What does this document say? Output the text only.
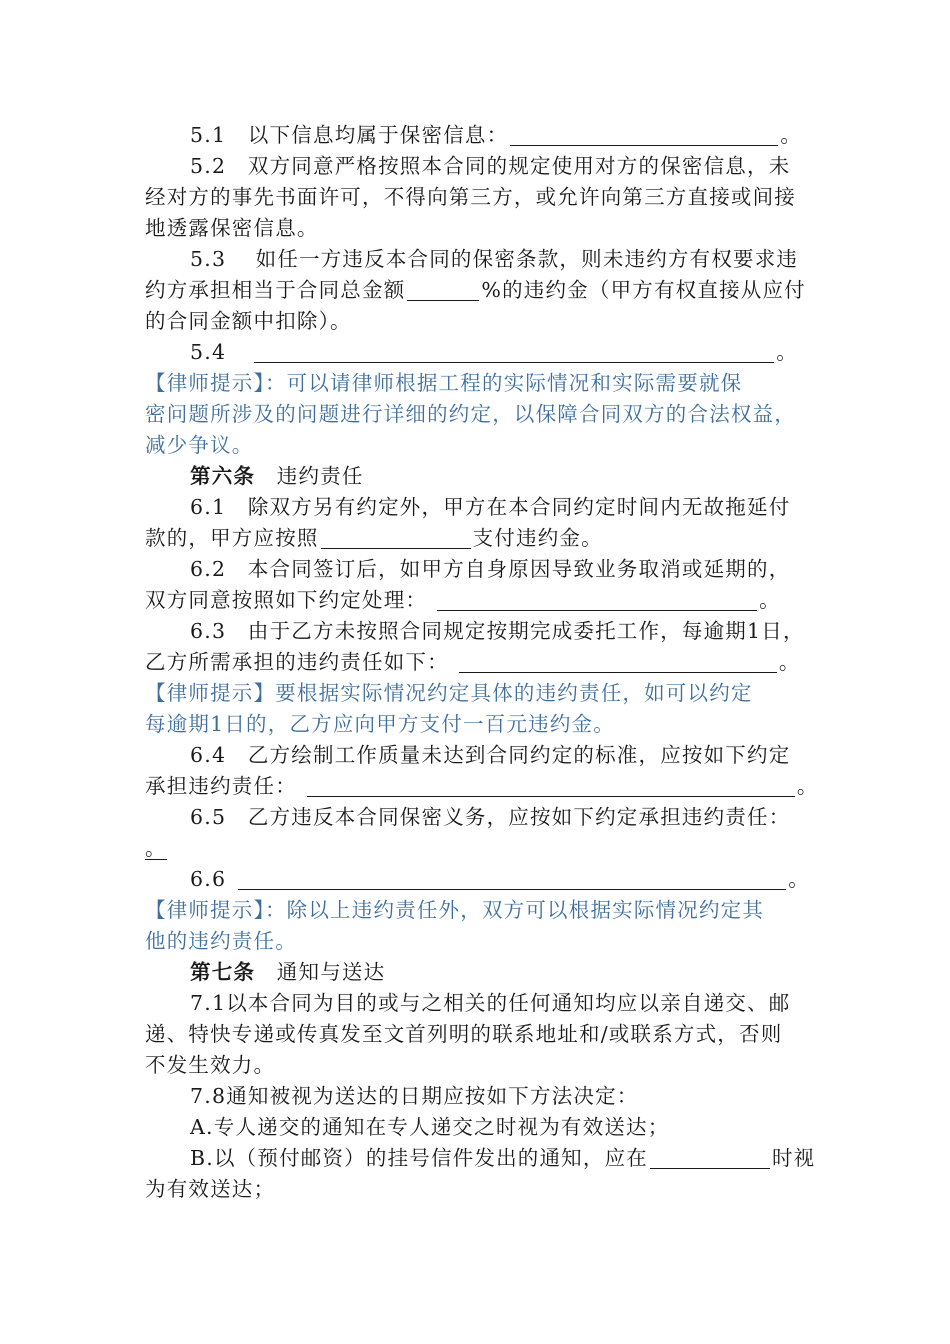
5.1　以下信息均属于保密信息：	。
5.2　双方同意严格按照本合同的规定使用对方的保密信息，未
经对方的事先书面许可，不得向第三方，或允许向第三方直接或间接
地透露保密信息。
5.3　 如任一方违反本合同的保密条款，则未违约方有权要求违
约方承担相当于合同总金额	%的违约金（甲方有权直接从应付
的合同金额中扣除）。
5.4	。
【律师提示】：可以请律师根据工程的实际情况和实际需要就保
密问题所涉及的问题进行详细的约定，以保障合同双方的合法权益，
减少争议。
第六条　违约责任
6.1　除双方另有约定外，甲方在本合同约定时间内无故拖延付
款的，甲方应按照	支付违约金。
6.2　本合同签订后，如甲方自身原因导致业务取消或延期的，
双方同意按照如下约定处理：	。
6.3　由于乙方未按照合同规定按期完成委托工作，每逾期1日，
乙方所需承担的违约责任如下：	。
【律师提示】要根据实际情况约定具体的违约责任，如可以约定
每逾期1日的，乙方应向甲方支付一百元违约金。
6.4　乙方绘制工作质量未达到合同约定的标准，应按如下约定
承担违约责任：	。
6.5　乙方违反本合同保密义务，应按如下约定承担违约责任：
。
6.6	。
【律师提示】：除以上违约责任外，双方可以根据实际情况约定其
他的违约责任。
第七条　通知与送达
7.1以本合同为目的或与之相关的任何通知均应以亲自递交、邮
递、特快专递或传真发至文首列明的联系地址和/或联系方式，否则
不发生效力。
7.8通知被视为送达的日期应按如下方法决定：
A.专人递交的通知在专人递交之时视为有效送达；
B.以（预付邮资）的挂号信件发出的通知，应在	时视
为有效送达；
